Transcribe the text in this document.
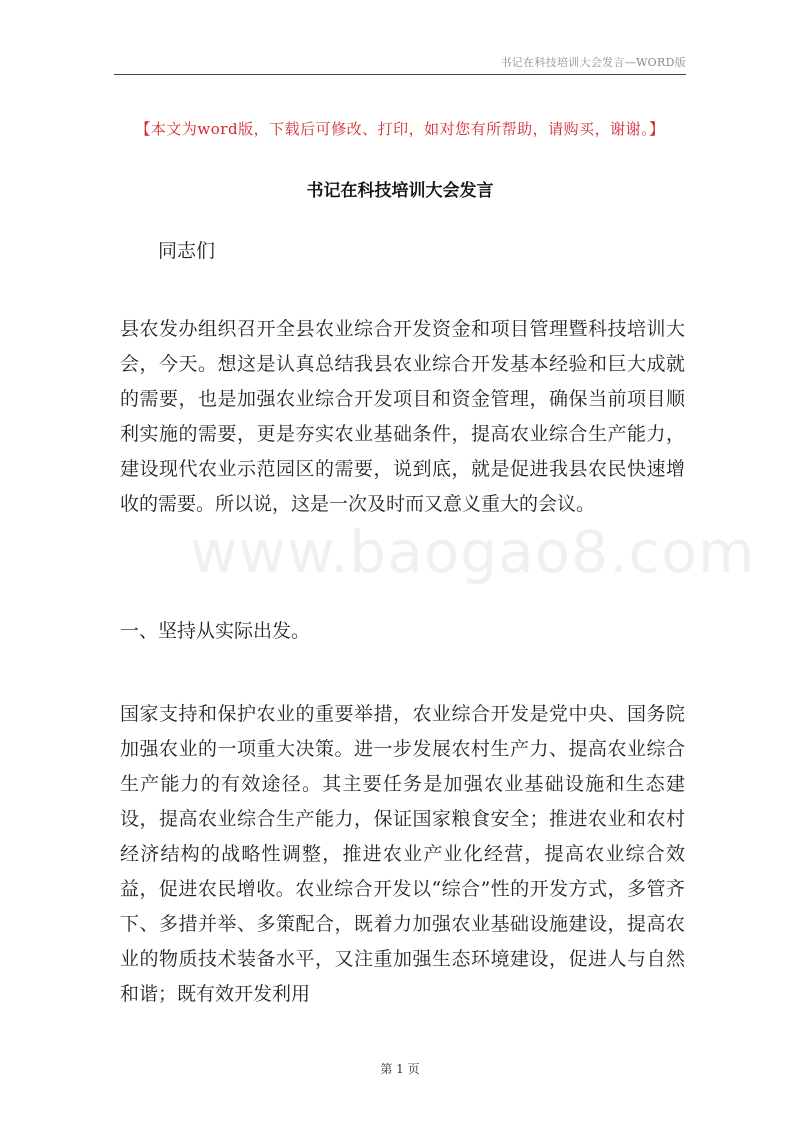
书记在科技培训大会发言—WORD版
【本文为word版，下载后可修改、打印，如对您有所帮助，请购买，谢谢。】
书记在科技培训大会发言
同志们

县农发办组织召开全县农业综合开发资金和项目管理暨科技培训大会，今天。想这是认真总结我县农业综合开发基本经验和巨大成就的需要，也是加强农业综合开发项目和资金管理，确保当前项目顺利实施的需要，更是夯实农业基础条件，提高农业综合生产能力，建设现代农业示范园区的需要，说到底，就是促进我县农民快速增收的需要。所以说，这是一次及时而又意义重大的会议。

一、坚持从实际出发。

国家支持和保护农业的重要举措，农业综合开发是党中央、国务院加强农业的一项重大决策。进一步发展农村生产力、提高农业综合生产能力的有效途径。其主要任务是加强农业基础设施和生态建设，提高农业综合生产能力，保证国家粮食安全；推进农业和农村经济结构的战略性调整，推进农业产业化经营，提高农业综合效益，促进农民增收。农业综合开发以“综合”性的开发方式，多管齐下、多措并举、多策配合，既着力加强农业基础设施建设，提高农业的物质技术装备水平，又注重加强生态环境建设，促进人与自然和谐；既有效开发利用

www.baogao8.com
第 1 页
